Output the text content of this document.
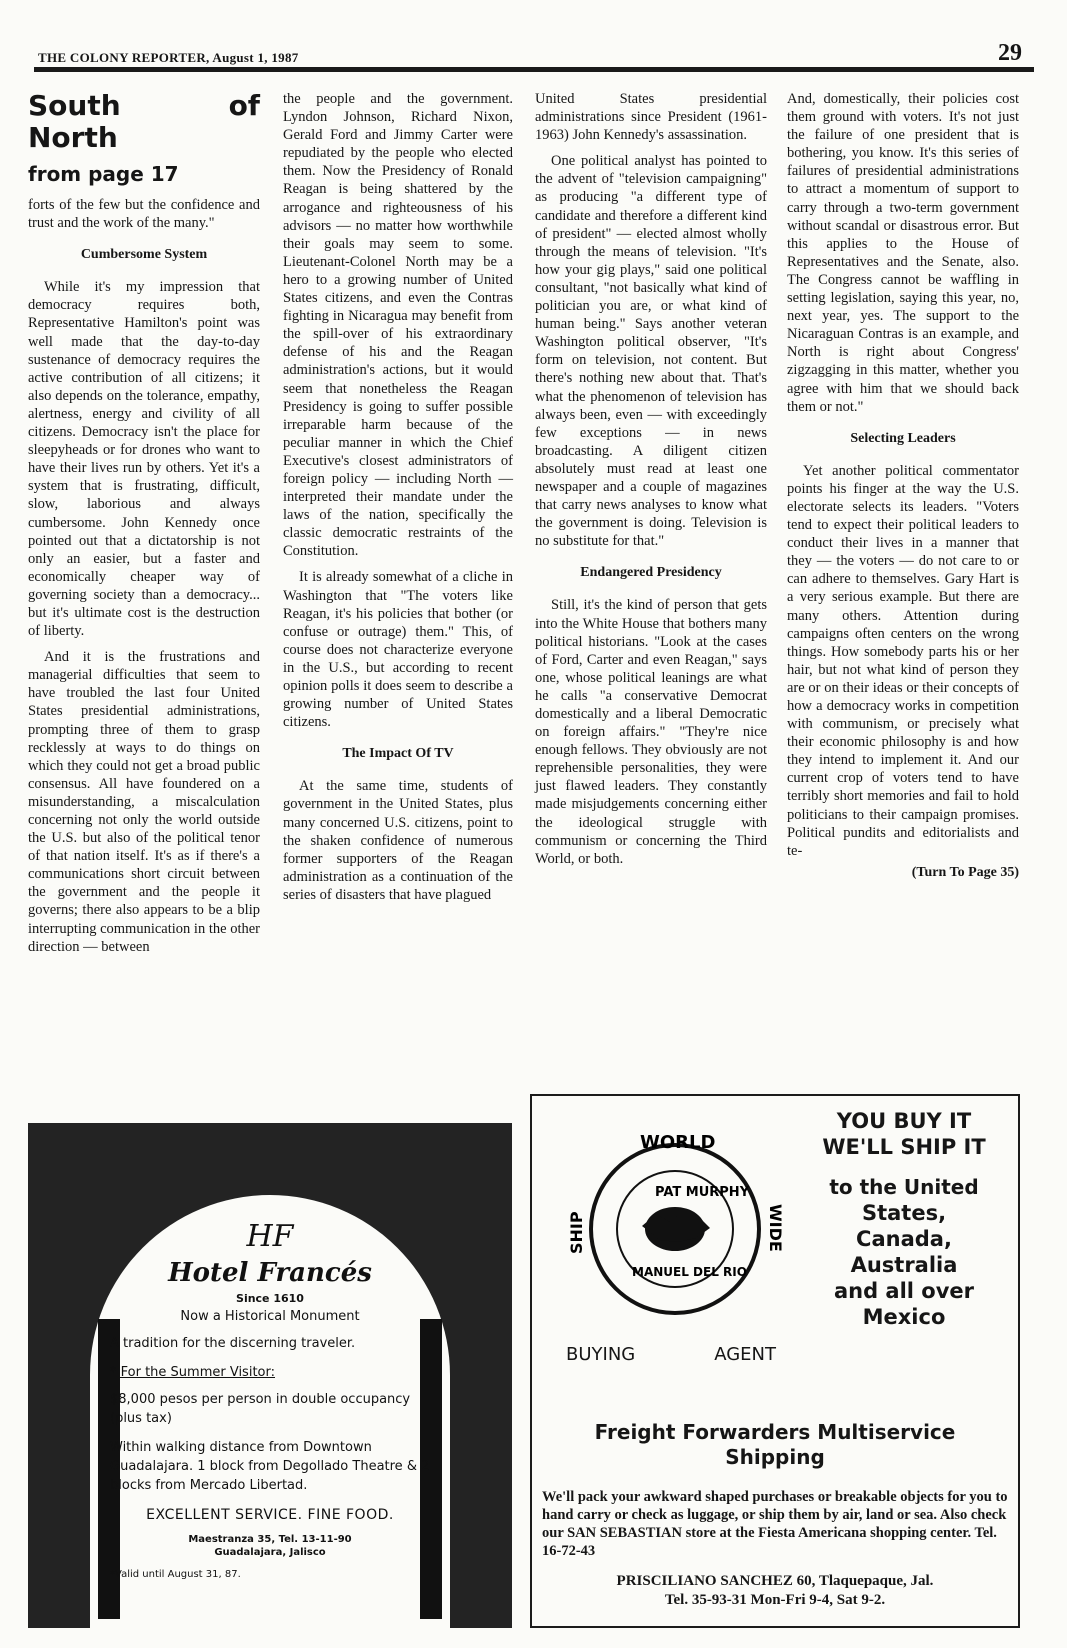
THE COLONY REPORTER, August 1, 1987	29
South of North
from page 17

forts of the few but the confidence and trust and the work of the many."

Cumbersome System

While it's my impression that democracy requires both, Representative Hamilton's point was well made that the day-to-day sustenance of democracy requires the active contribution of all citizens; it also depends on the tolerance, empathy, alertness, energy and civility of all citizens. Democracy isn't the place for sleepyheads or for drones who want to have their lives run by others. Yet it's a system that is frustrating, difficult, slow, laborious and always cumbersome. John Kennedy once pointed out that a dictatorship is not only an easier, but a faster and economically cheaper way of governing society than a democracy... but it's ultimate cost is the destruction of liberty.

And it is the frustrations and managerial difficulties that seem to have troubled the last four United States presidential administrations, prompting three of them to grasp recklessly at ways to do things on which they could not get a broad public consensus. All have foundered on a misunderstanding, a miscalculation concerning not only the world outside the U.S. but also of the political tenor of that nation itself. It's as if there's a communications short circuit between the government and the people it governs; there also appears to be a blip interrupting communication in the other direction — between

the people and the government. Lyndon Johnson, Richard Nixon, Gerald Ford and Jimmy Carter were repudiated by the people who elected them. Now the Presidency of Ronald Reagan is being shattered by the arrogance and righteousness of his advisors — no matter how worthwhile their goals may seem to some. Lieutenant-Colonel North may be a hero to a growing number of United States citizens, and even the Contras fighting in Nicaragua may benefit from the spill-over of his extraordinary defense of his and the Reagan administration's actions, but it would seem that nonetheless the Reagan Presidency is going to suffer possible irreparable harm because of the peculiar manner in which the Chief Executive's closest administrators of foreign policy — including North — interpreted their mandate under the laws of the nation, specifically the classic democratic restraints of the Constitution.

It is already somewhat of a cliche in Washington that "The voters like Reagan, it's his policies that bother (or confuse or outrage) them." This, of course does not characterize everyone in the U.S., but according to recent opinion polls it does seem to describe a growing number of United States citizens.

The Impact Of TV

At the same time, students of government in the United States, plus many concerned U.S. citizens, point to the shaken confidence of numerous former supporters of the Reagan administration as a continuation of the series of disasters that have plagued

United States presidential administrations since President (1961-1963) John Kennedy's assassination.

One political analyst has pointed to the advent of "television campaigning" as producing "a different type of candidate and therefore a different kind of president" — elected almost wholly through the means of television. "It's how your gig plays," said one political consultant, "not basically what kind of politician you are, or what kind of human being." Says another veteran Washington political observer, "It's form on television, not content. But there's nothing new about that. That's what the phenomenon of television has always been, even — with exceedingly few exceptions — in news broadcasting. A diligent citizen absolutely must read at least one newspaper and a couple of magazines that carry news analyses to know what the government is doing. Television is no substitute for that."

Endangered Presidency

Still, it's the kind of person that gets into the White House that bothers many political historians. "Look at the cases of Ford, Carter and even Reagan," says one, whose political leanings are what he calls "a conservative Democrat domestically and a liberal Democratic on foreign affairs." "They're nice enough fellows. They obviously are not reprehensible personalities, they were just flawed leaders. They constantly made misjudgements concerning either the ideological struggle with communism or concerning the Third World, or both.

And, domestically, their policies cost them ground with voters. It's not just the failure of one president that is bothering, you know. It's this series of failures of presidential administrations to attract a momentum of support to carry through a two-term government without scandal or disastrous error. But this applies to the House of Representatives and the Senate, also. The Congress cannot be waffling in setting legislation, saying this year, no, next year, yes. The support to the Nicaraguan Contras is an example, and North is right about Congress' zigzagging in this matter, whether you agree with him that we should back them or not."

Selecting Leaders

Yet another political commentator points his finger at the way the U.S. electorate selects its leaders. "Voters tend to expect their political leaders to conduct their lives in a manner that they — the voters — do not care to or can adhere to themselves. Gary Hart is a very serious example. But there are many others. Attention during campaigns often centers on the wrong things. How somebody parts his or her hair, but not what kind of person they are or on their ideas or their concepts of how a democracy works in competition with communism, or precisely what their economic philosophy is and how they intend to implement it. And our current crop of voters tend to have terribly short memories and fail to hold politicians to their campaign promises. Political pundits and editorialists and te-

(Turn To Page 35)
HF
Hotel Francés
Since 1610
Now a Historical Monument
A tradition for the discerning traveler.
* For the Summer Visitor:
$8,000 pesos per person in double occupancy (plus tax)
Within walking distance from Downtown Guadalajara. 1 block from Degollado Theatre & 2 blocks from Mercado Libertad.
EXCELLENT SERVICE. FINE FOOD.
Maestranza 35, Tel. 13-11-90
Guadalajara, Jalisco
*Valid until August 31, 87.
WORLD
SHIP	WIDE
PAT MURPHY
MANUEL DEL RIO
BUYING	AGENT
YOU BUY IT
WE'LL SHIP IT
to the United
States,
Canada,
Australia
and all over
Mexico
Freight Forwarders Multiservice
Shipping
We'll pack your awkward shaped purchases or breakable objects for you to hand carry or check as luggage, or ship them by air, land or sea. Also check our SAN SEBASTIAN store at the Fiesta Americana shopping center. Tel. 16-72-43
PRISCILIANO SANCHEZ 60, Tlaquepaque, Jal.
Tel. 35-93-31 Mon-Fri 9-4, Sat 9-2.
